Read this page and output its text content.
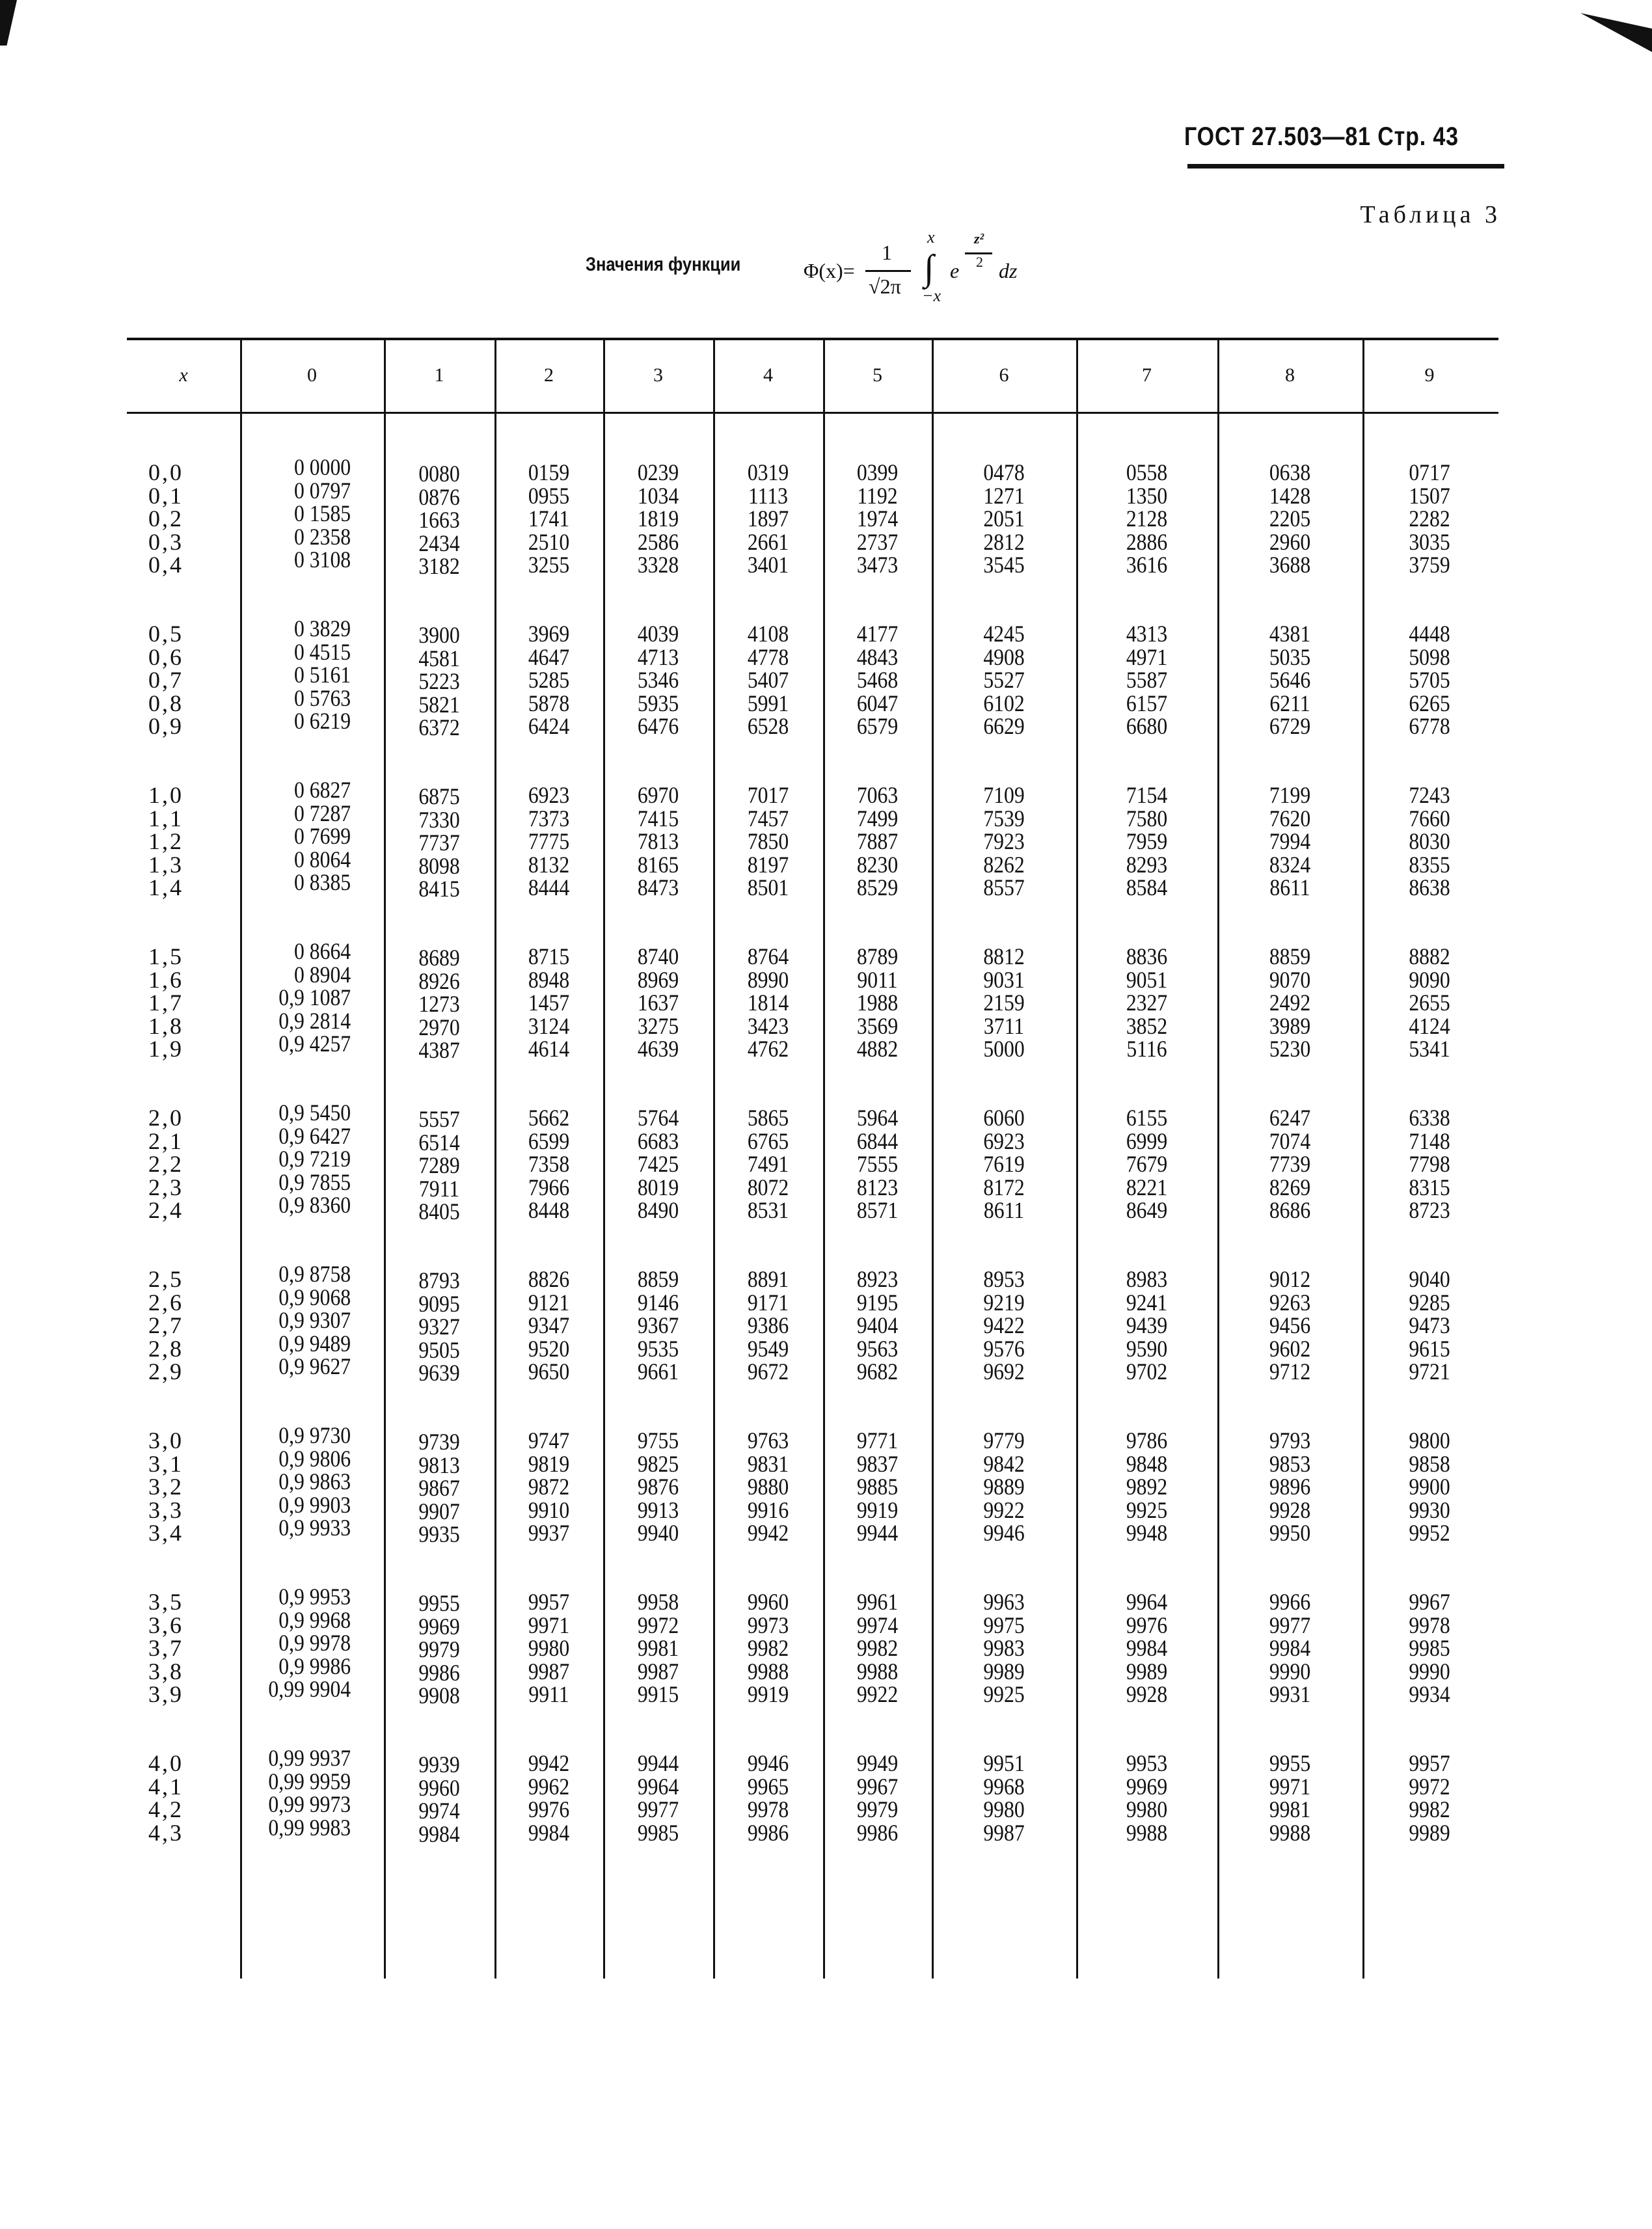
ГОСТ 27.503—81 Стр. 43
Таблица 3
Значения функции	Φ(x)=
1
√2π ∫
x
−x
e
z²
2 dz
x	0	1	2	3	4	5	6	7	8	9
0,0	0 0000	0080	0159	0239	0319	0399	0478	0558	0638	0717
0,1	0 0797	0876	0955	1034	1113	1192	1271	1350	1428	1507
0,2	0 1585	1663	1741	1819	1897	1974	2051	2128	2205	2282
0,3	0 2358	2434	2510	2586	2661	2737	2812	2886	2960	3035
0,4	0 3108	3182	3255	3328	3401	3473	3545	3616	3688	3759
0,5	0 3829	3900	3969	4039	4108	4177	4245	4313	4381	4448
0,6	0 4515	4581	4647	4713	4778	4843	4908	4971	5035	5098
0,7	0 5161	5223	5285	5346	5407	5468	5527	5587	5646	5705
0,8	0 5763	5821	5878	5935	5991	6047	6102	6157	6211	6265
0,9	0 6219	6372	6424	6476	6528	6579	6629	6680	6729	6778
1,0	0 6827	6875	6923	6970	7017	7063	7109	7154	7199	7243
1,1	0 7287	7330	7373	7415	7457	7499	7539	7580	7620	7660
1,2	0 7699	7737	7775	7813	7850	7887	7923	7959	7994	8030
1,3	0 8064	8098	8132	8165	8197	8230	8262	8293	8324	8355
1,4	0 8385	8415	8444	8473	8501	8529	8557	8584	8611	8638
1,5	0 8664	8689	8715	8740	8764	8789	8812	8836	8859	8882
1,6	0 8904	8926	8948	8969	8990	9011	9031	9051	9070	9090
1,7	0,9 1087	1273	1457	1637	1814	1988	2159	2327	2492	2655
1,8	0,9 2814	2970	3124	3275	3423	3569	3711	3852	3989	4124
1,9	0,9 4257	4387	4614	4639	4762	4882	5000	5116	5230	5341
2,0	0,9 5450	5557	5662	5764	5865	5964	6060	6155	6247	6338
2,1	0,9 6427	6514	6599	6683	6765	6844	6923	6999	7074	7148
2,2	0,9 7219	7289	7358	7425	7491	7555	7619	7679	7739	7798
2,3	0,9 7855	7911	7966	8019	8072	8123	8172	8221	8269	8315
2,4	0,9 8360	8405	8448	8490	8531	8571	8611	8649	8686	8723
2,5	0,9 8758	8793	8826	8859	8891	8923	8953	8983	9012	9040
2,6	0,9 9068	9095	9121	9146	9171	9195	9219	9241	9263	9285
2,7	0,9 9307	9327	9347	9367	9386	9404	9422	9439	9456	9473
2,8	0,9 9489	9505	9520	9535	9549	9563	9576	9590	9602	9615
2,9	0,9 9627	9639	9650	9661	9672	9682	9692	9702	9712	9721
3,0	0,9 9730	9739	9747	9755	9763	9771	9779	9786	9793	9800
3,1	0,9 9806	9813	9819	9825	9831	9837	9842	9848	9853	9858
3,2	0,9 9863	9867	9872	9876	9880	9885	9889	9892	9896	9900
3,3	0,9 9903	9907	9910	9913	9916	9919	9922	9925	9928	9930
3,4	0,9 9933	9935	9937	9940	9942	9944	9946	9948	9950	9952
3,5	0,9 9953	9955	9957	9958	9960	9961	9963	9964	9966	9967
3,6	0,9 9968	9969	9971	9972	9973	9974	9975	9976	9977	9978
3,7	0,9 9978	9979	9980	9981	9982	9982	9983	9984	9984	9985
3,8	0,9 9986	9986	9987	9987	9988	9988	9989	9989	9990	9990
3,9	0,99 9904	9908	9911	9915	9919	9922	9925	9928	9931	9934
4,0	0,99 9937	9939	9942	9944	9946	9949	9951	9953	9955	9957
4,1	0,99 9959	9960	9962	9964	9965	9967	9968	9969	9971	9972
4,2	0,99 9973	9974	9976	9977	9978	9979	9980	9980	9981	9982
4,3	0,99 9983	9984	9984	9985	9986	9986	9987	9988	9988	9989
